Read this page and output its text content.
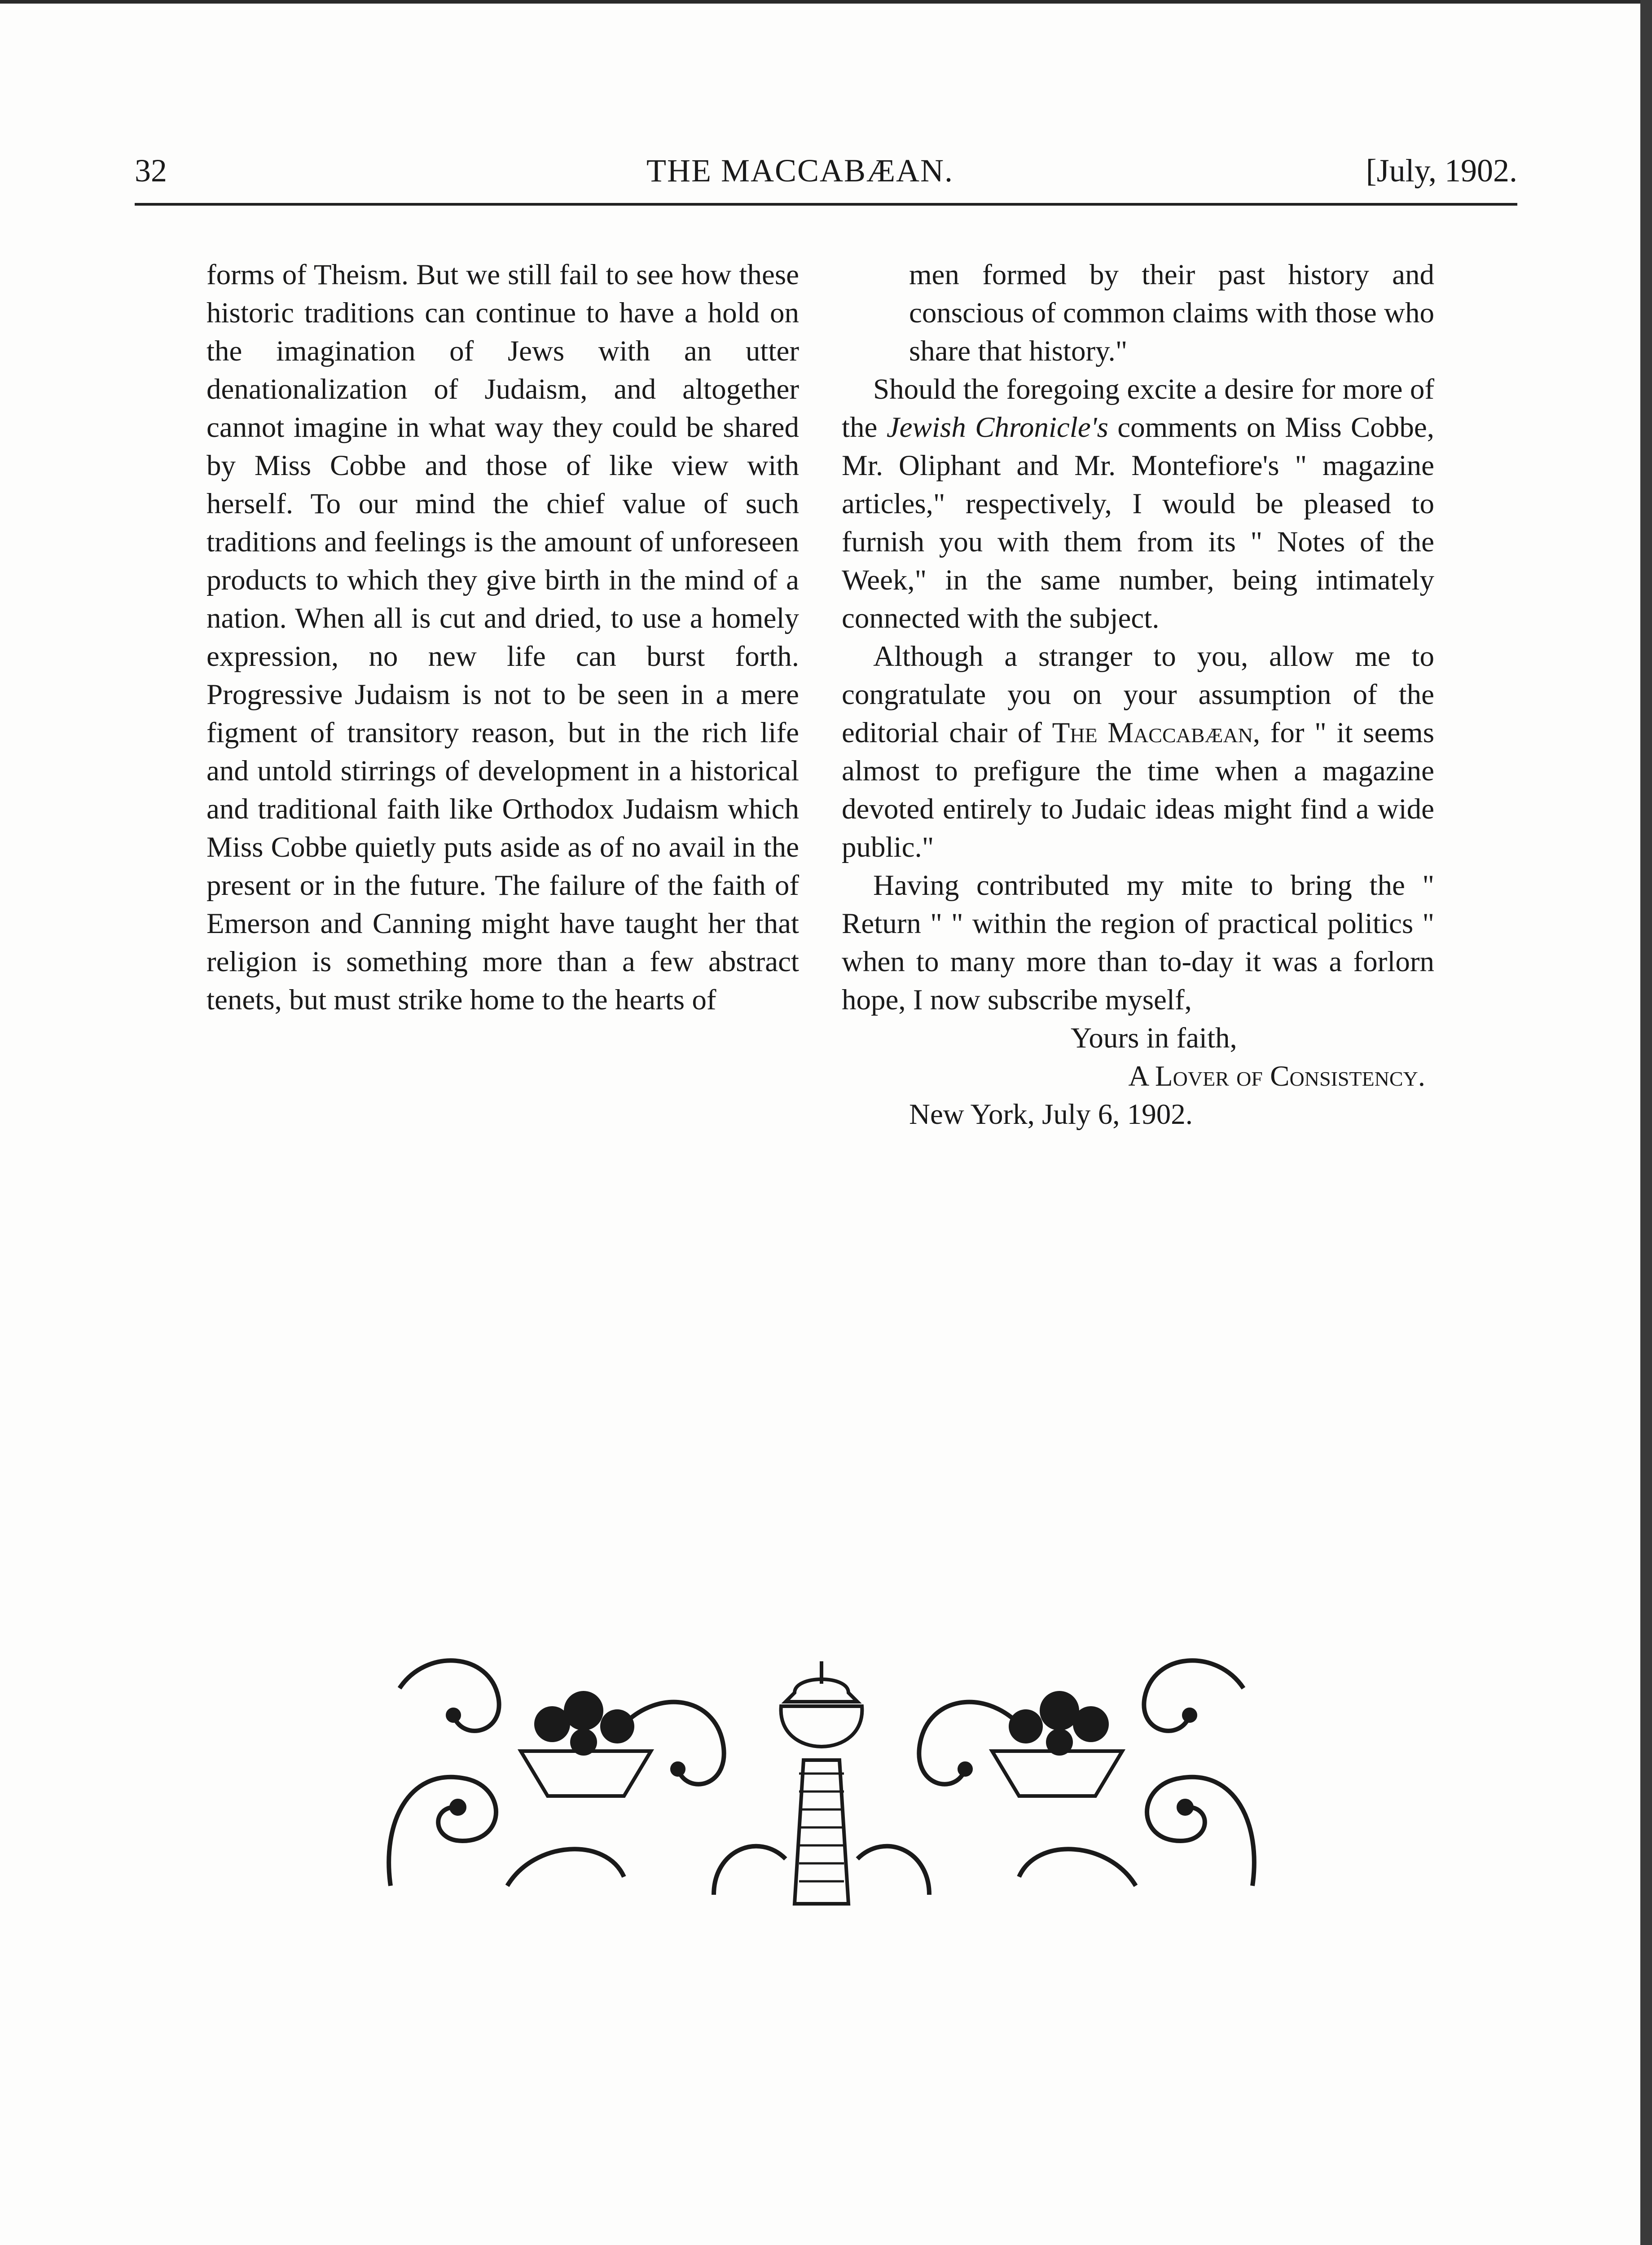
32	THE MACCABÆAN.	[July, 1902.

forms of Theism. But we still fail to see how these historic traditions can continue to have a hold on the imagination of Jews with an utter denationalization of Judaism, and altogether cannot imagine in what way they could be shared by Miss Cobbe and those of like view with herself. To our mind the chief value of such traditions and feelings is the amount of unforeseen products to which they give birth in the mind of a nation. When all is cut and dried, to use a homely expression, no new life can burst forth. Progressive Judaism is not to be seen in a mere figment of transitory reason, but in the rich life and untold stirrings of development in a historical and traditional faith like Orthodox Judaism which Miss Cobbe quietly puts aside as of no avail in the present or in the future. The failure of the faith of Emerson and Canning might have taught her that religion is something more than a few abstract tenets, but must strike home to the hearts of

men formed by their past history and conscious of common claims with those who share that history."

Should the foregoing excite a desire for more of the Jewish Chronicle's comments on Miss Cobbe, Mr. Oliphant and Mr. Montefiore's " magazine articles," respectively, I would be pleased to furnish you with them from its " Notes of the Week," in the same number, being intimately connected with the subject.

Although a stranger to you, allow me to congratulate you on your assumption of the editorial chair of The Maccabæan, for " it seems almost to prefigure the time when a magazine devoted entirely to Judaic ideas might find a wide public."

Having contributed my mite to bring the " Return " " within the region of practical politics " when to many more than to-day it was a forlorn hope, I now subscribe myself,

Yours in faith,

A Lover of Consistency.

New York, July 6, 1902.
